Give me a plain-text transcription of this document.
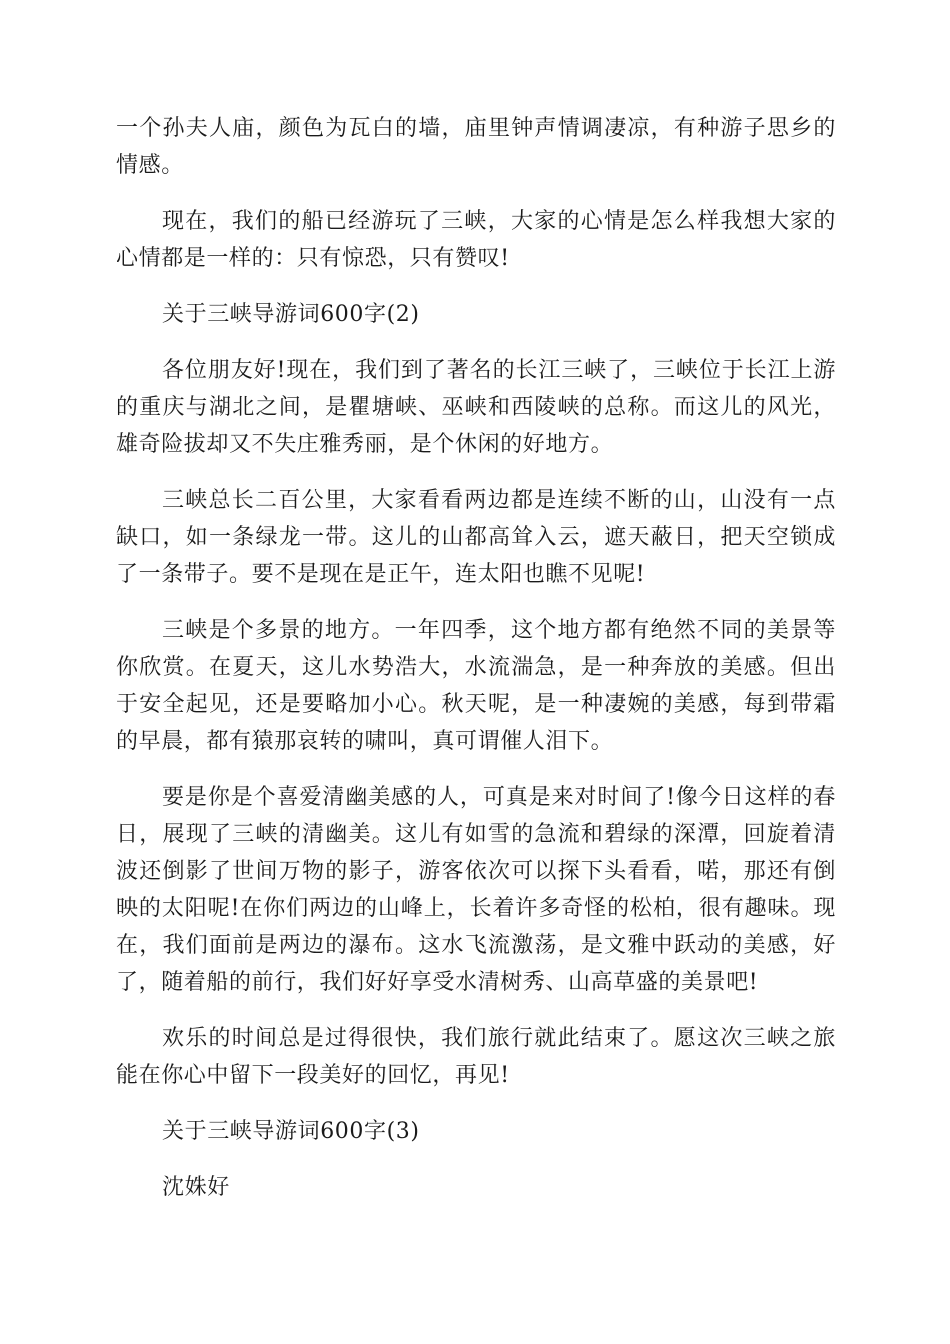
一个孙夫人庙，颜色为瓦白的墙，庙里钟声情调凄凉，有种游子思乡的情感。

现在，我们的船已经游玩了三峡，大家的心情是怎么样我想大家的心情都是一样的：只有惊恐，只有赞叹!

关于三峡导游词600字(2)

各位朋友好!现在，我们到了著名的长江三峡了，三峡位于长江上游的重庆与湖北之间，是瞿塘峡、巫峡和西陵峡的总称。而这儿的风光，雄奇险拔却又不失庄雅秀丽，是个休闲的好地方。

三峡总长二百公里，大家看看两边都是连续不断的山，山没有一点缺口，如一条绿龙一带。这儿的山都高耸入云，遮天蔽日，把天空锁成了一条带子。要不是现在是正午，连太阳也瞧不见呢!

三峡是个多景的地方。一年四季，这个地方都有绝然不同的美景等你欣赏。在夏天，这儿水势浩大，水流湍急，是一种奔放的美感。但出于安全起见，还是要略加小心。秋天呢，是一种凄婉的美感，每到带霜的早晨，都有猿那哀转的啸叫，真可谓催人泪下。

要是你是个喜爱清幽美感的人，可真是来对时间了!像今日这样的春日，展现了三峡的清幽美。这儿有如雪的急流和碧绿的深潭，回旋着清波还倒影了世间万物的影子，游客依次可以探下头看看，喏，那还有倒映的太阳呢!在你们两边的山峰上，长着许多奇怪的松柏，很有趣味。现在，我们面前是两边的瀑布。这水飞流激荡，是文雅中跃动的美感，好了，随着船的前行，我们好好享受水清树秀、山高草盛的美景吧!

欢乐的时间总是过得很快，我们旅行就此结束了。愿这次三峡之旅能在你心中留下一段美好的回忆，再见!

关于三峡导游词600字(3)

沈姝好
